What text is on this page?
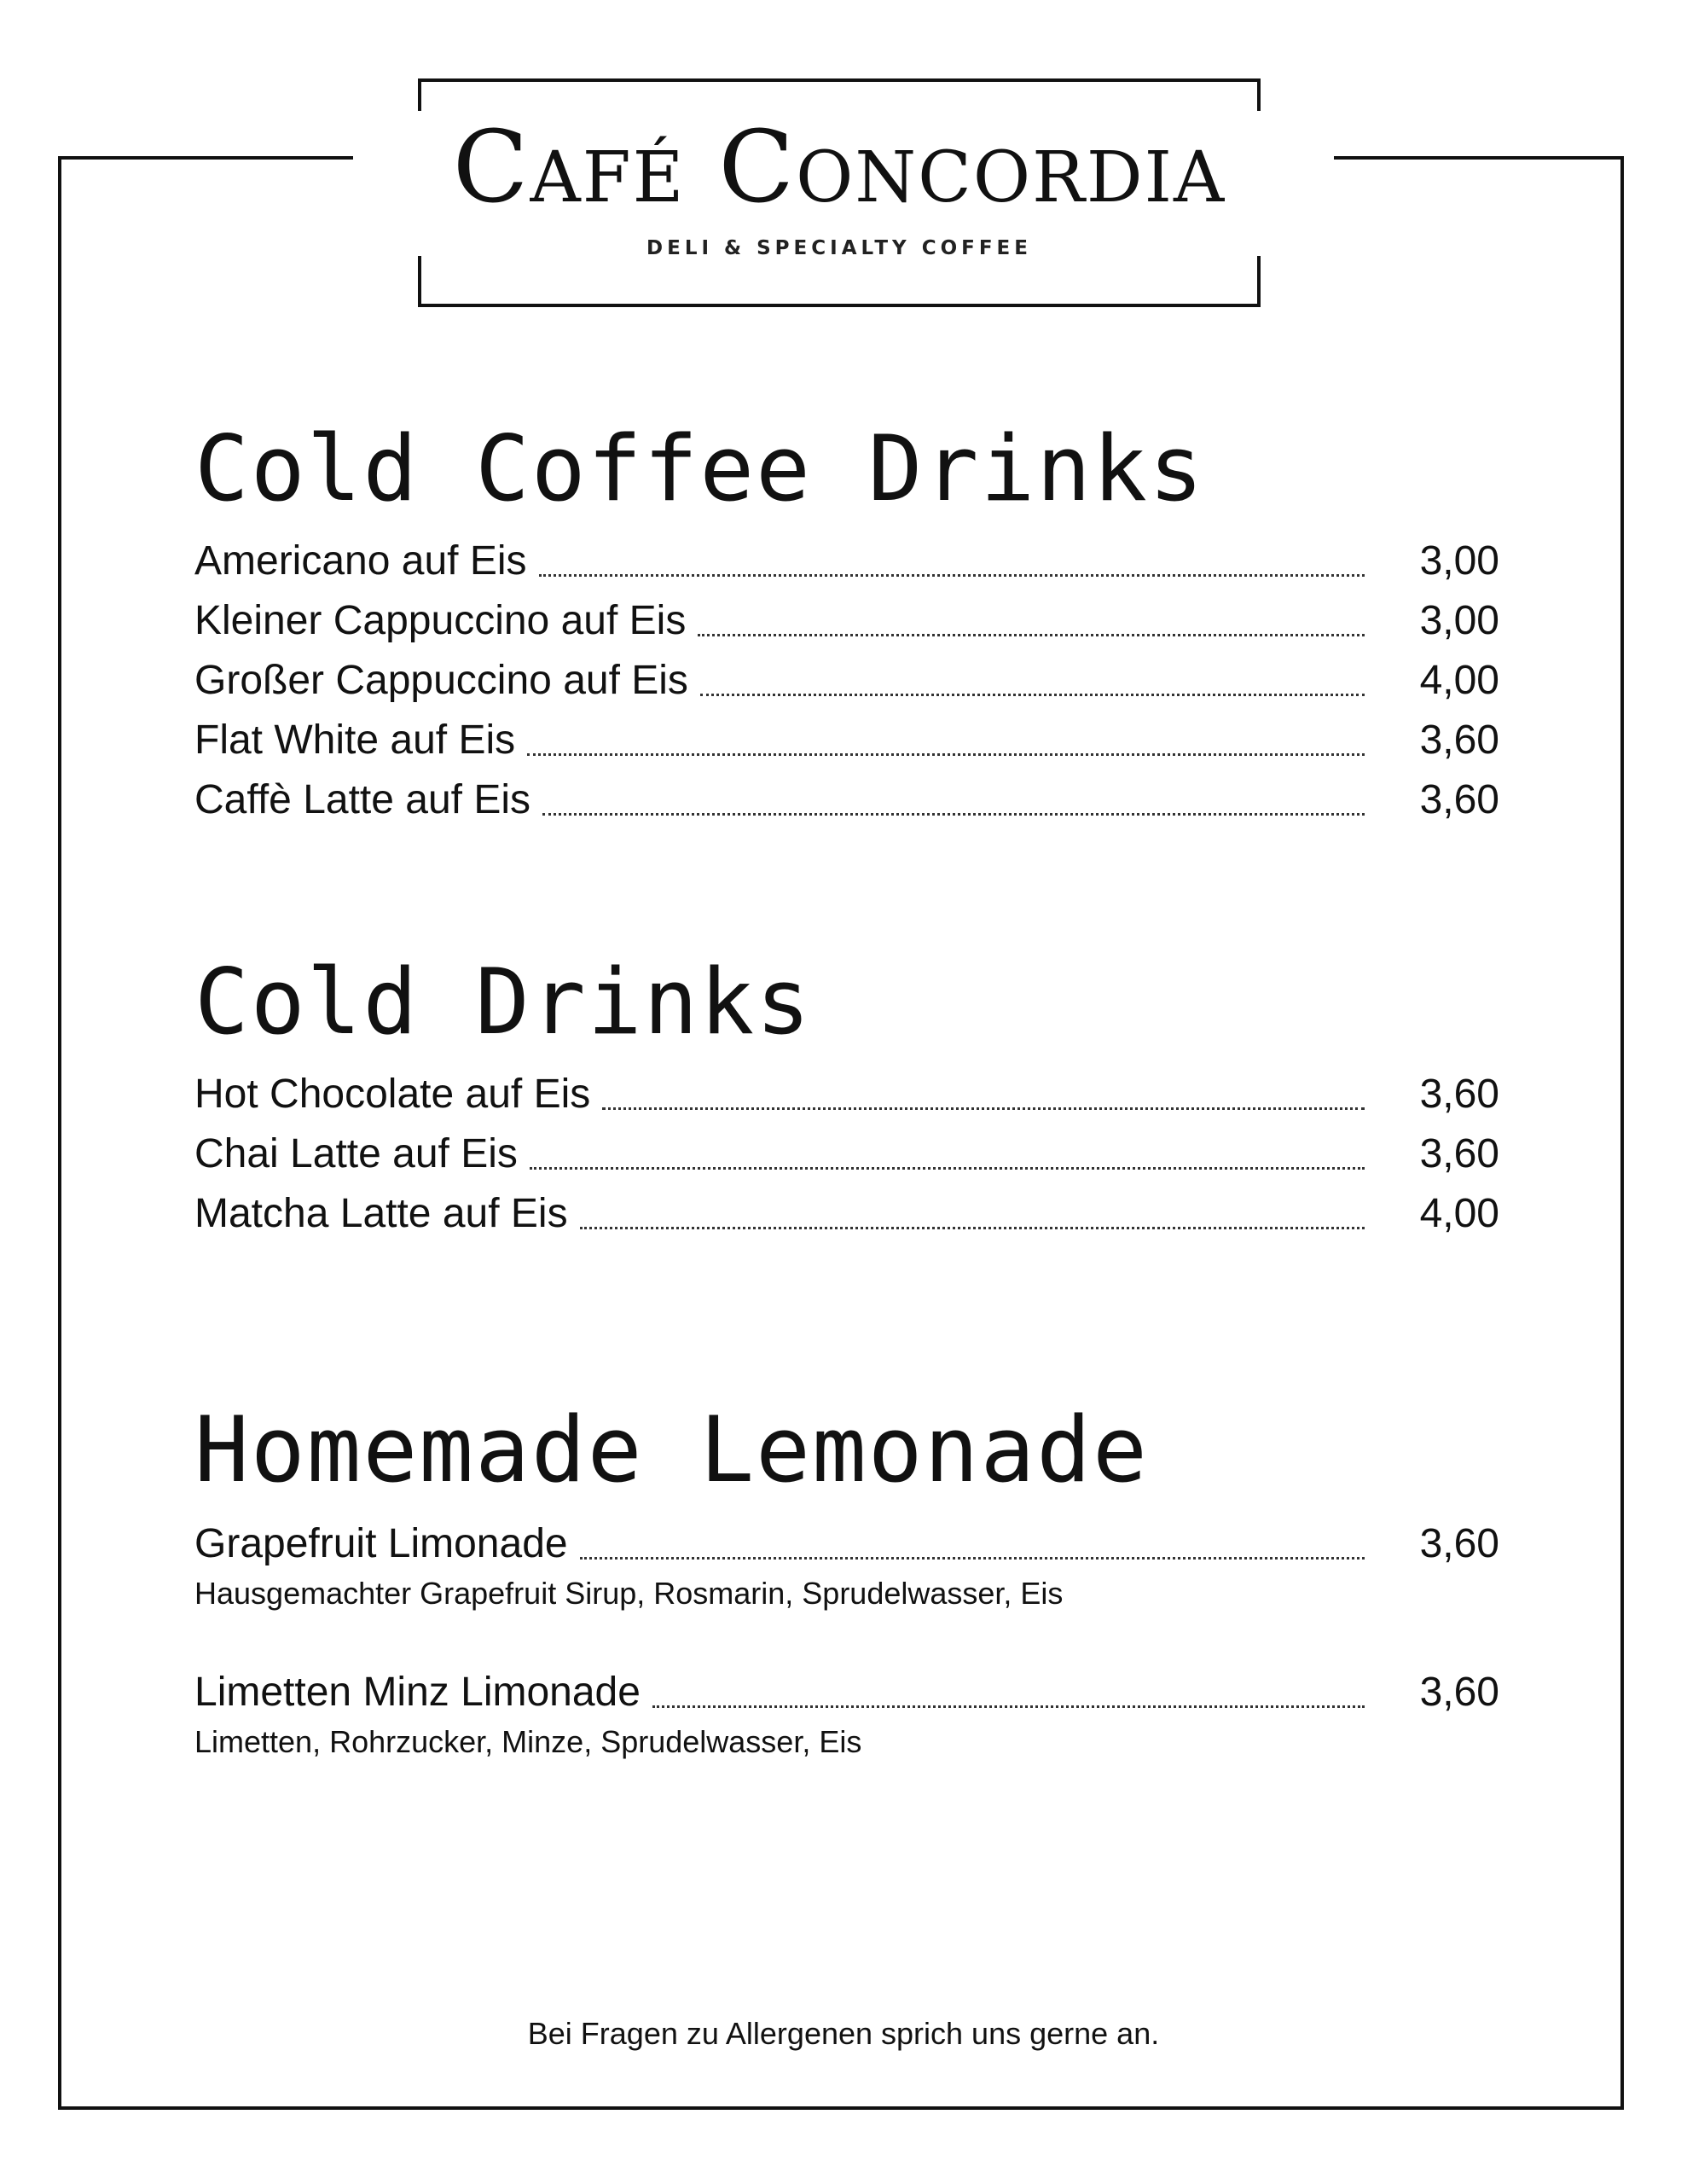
CAFÉ CONCORDIA
DELI & SPECIALTY COFFEE
Cold Coffee Drinks
Americano auf Eis	3,00
Kleiner Cappuccino auf Eis	3,00
Großer Cappuccino auf Eis	4,00
Flat White auf Eis	3,60
Caffè Latte auf Eis	3,60
Cold Drinks
Hot Chocolate auf Eis	3,60
Chai Latte auf Eis	3,60
Matcha Latte auf Eis	4,00
Homemade Lemonade
Grapefruit Limonade	3,60
Hausgemachter Grapefruit Sirup, Rosmarin, Sprudelwasser, Eis
Limetten Minz Limonade	3,60
Limetten, Rohrzucker, Minze, Sprudelwasser, Eis
Bei Fragen zu Allergenen sprich uns gerne an.
